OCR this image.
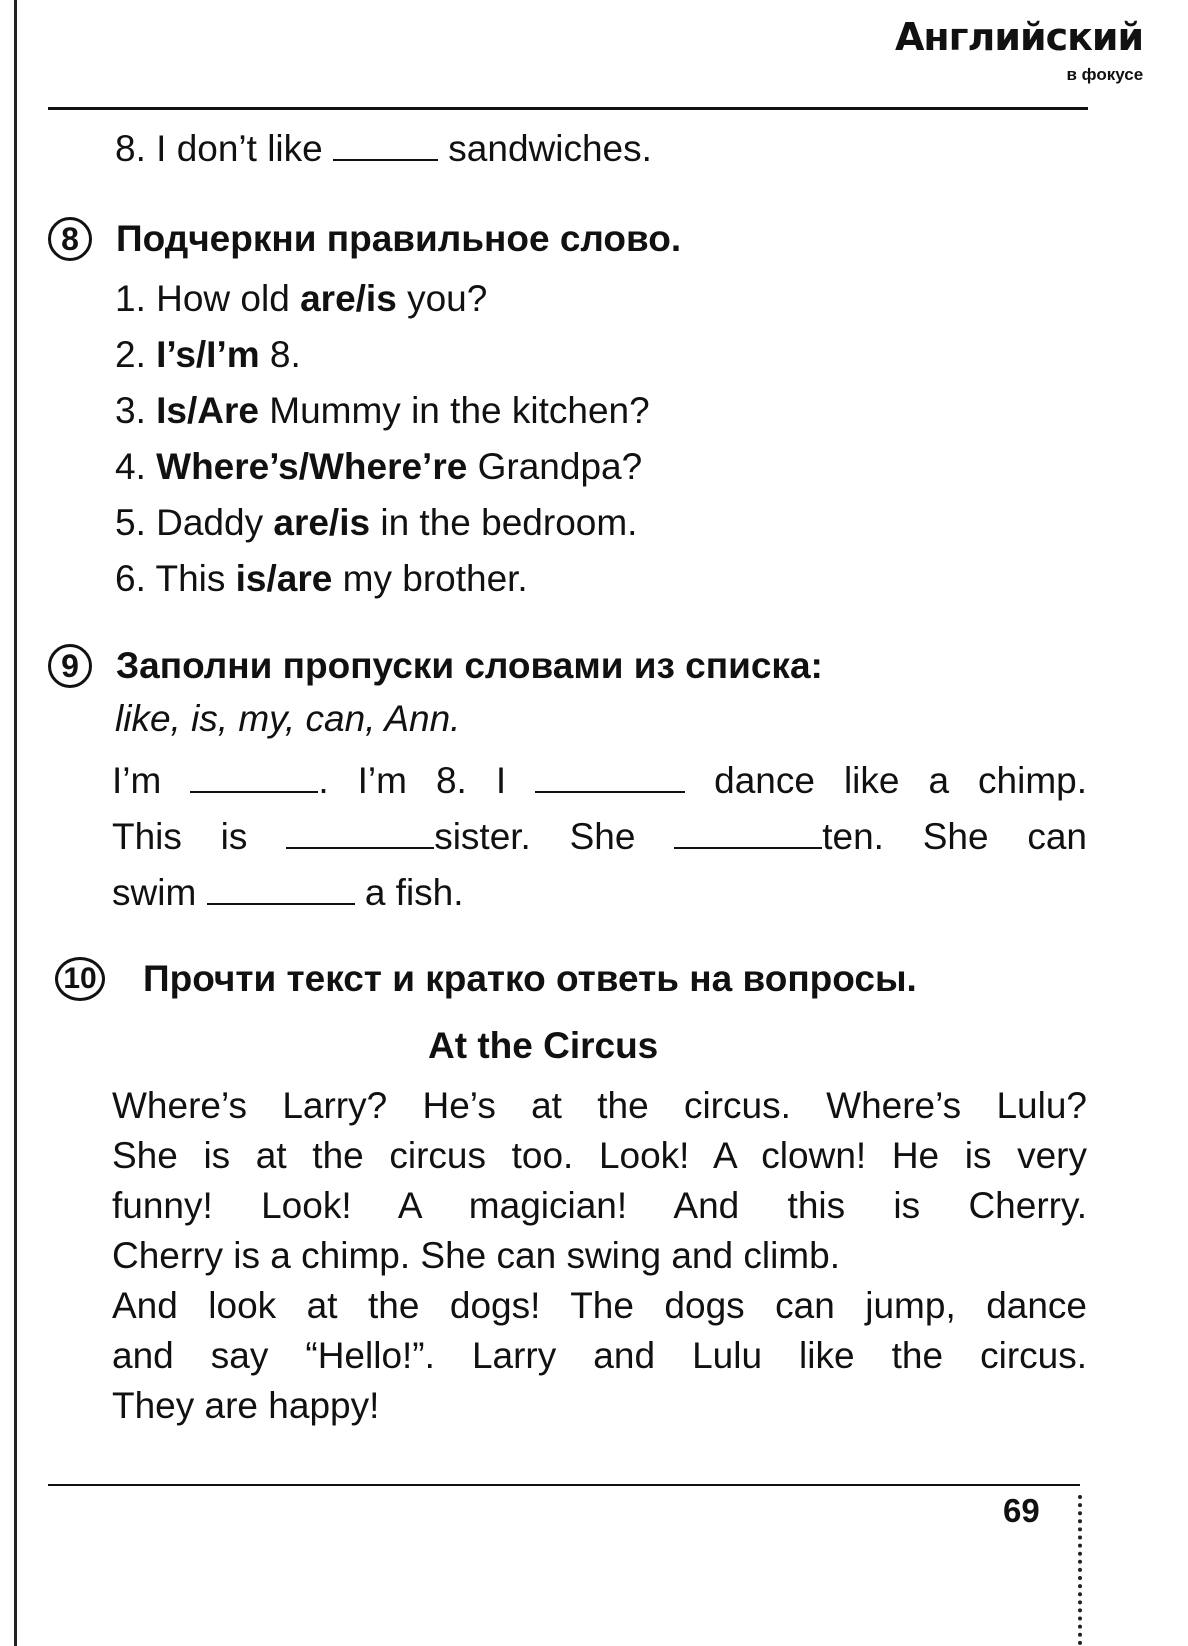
Английский
в фокусе
8. I don’t like	sandwiches.
8	Подчеркни правильное слово.
1. How old are/is you?
2. I’s/I’m 8.
3. Is/Are Mummy in the kitchen?
4. Where’s/Where’re Grandpa?
5. Daddy are/is in the bedroom.
6. This is/are my brother.
9	Заполни пропуски словами из списка:
like, is, my, can, Ann.
I’m	. I’m 8. I	dance like a chimp.
This is	sister. She	ten. She can
swim	a fish.
10 Прочти текст и кратко ответь на вопросы.
At the Circus
Where’s Larry? He’s at the circus. Where’s Lulu?
She is at the circus too. Look! A clown! He is very
funny! Look! A magician! And this is Cherry.
Cherry is a chimp. She can swing and climb.
And look at the dogs! The dogs can jump, dance
and say “Hello!”. Larry and Lulu like the circus.
They are happy!
69
